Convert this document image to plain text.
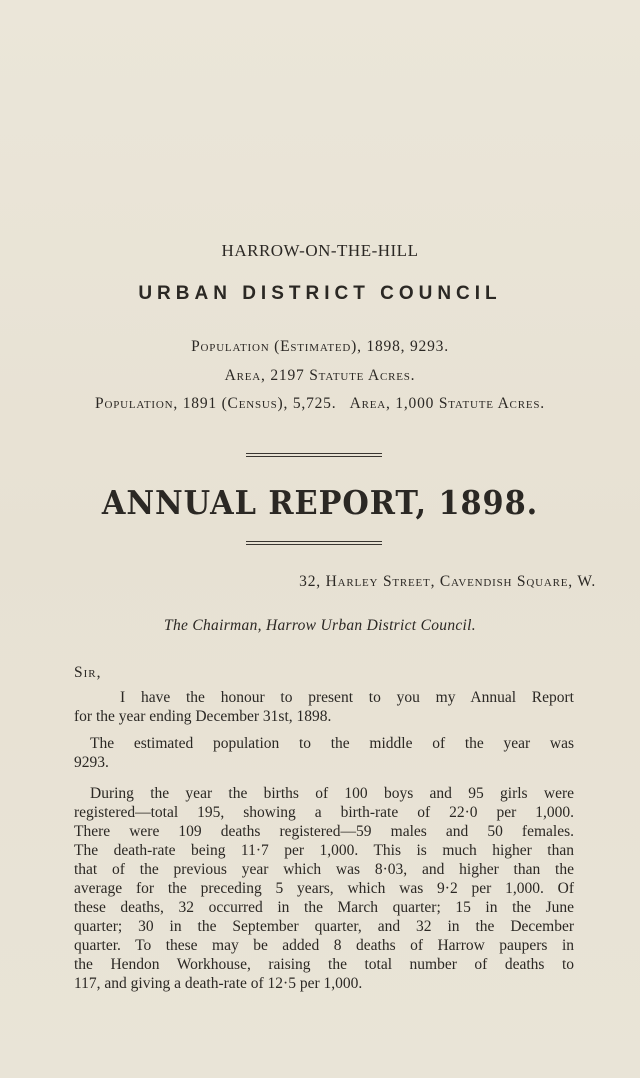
HARROW-ON-THE-HILL
URBAN DISTRICT COUNCIL
Population (Estimated), 1898, 9293.
Area, 2197 Statute Acres.
Population, 1891 (Census), 5,725.   Area, 1,000 Statute Acres.
ANNUAL REPORT, 1898.
32, Harley Street, Cavendish Square, W.
The Chairman, Harrow Urban District Council.
Sir,
I have the honour to present to you my Annual Report
for the year ending December 31st, 1898.
The estimated population to the middle of the year was
9293.
During the year the births of 100 boys and 95 girls were
registered—total 195, showing a birth-rate of 22·0 per 1,000.
There were 109 deaths registered—59 males and 50 females.
The death-rate being 11·7 per 1,000. This is much higher than
that of the previous year which was 8·03, and higher than the
average for the preceding 5 years, which was 9·2 per 1,000. Of
these deaths, 32 occurred in the March quarter; 15 in the June
quarter; 30 in the September quarter, and 32 in the December
quarter. To these may be added 8 deaths of Harrow paupers in
the Hendon Workhouse, raising the total number of deaths to
117, and giving a death-rate of 12·5 per 1,000.
